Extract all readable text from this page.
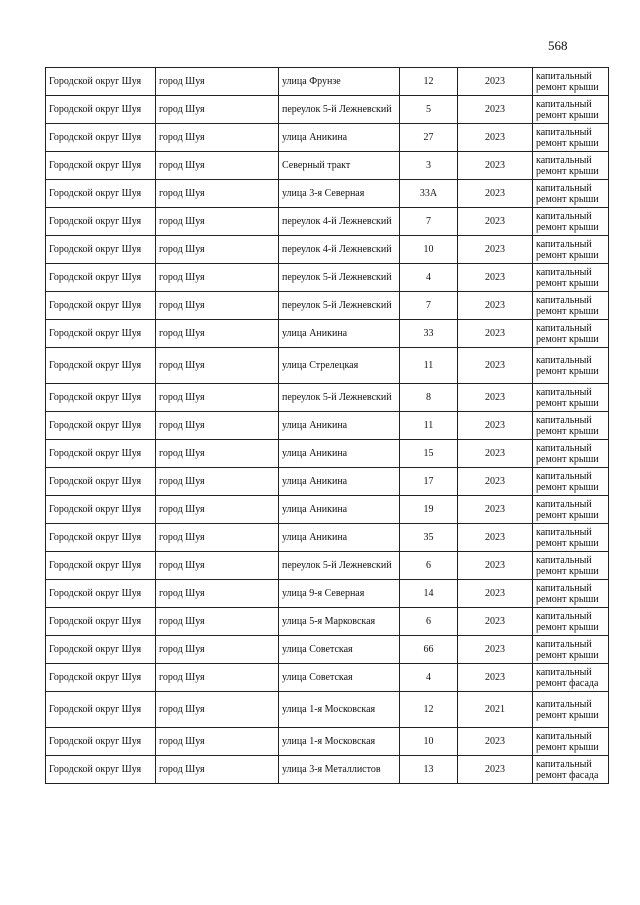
568
Городской округ Шуя	город Шуя	улица Фрунзе	12	2023	капитальный ремонт крыши
Городской округ Шуя	город Шуя	переулок 5-й Лежневский	5	2023	капитальный ремонт крыши
Городской округ Шуя	город Шуя	улица Аникина	27	2023	капитальный ремонт крыши
Городской округ Шуя	город Шуя	Северный тракт	3	2023	капитальный ремонт крыши
Городской округ Шуя	город Шуя	улица 3-я Северная	33А	2023	капитальный ремонт крыши
Городской округ Шуя	город Шуя	переулок 4-й Лежневский	7	2023	капитальный ремонт крыши
Городской округ Шуя	город Шуя	переулок 4-й Лежневский	10	2023	капитальный ремонт крыши
Городской округ Шуя	город Шуя	переулок 5-й Лежневский	4	2023	капитальный ремонт крыши
Городской округ Шуя	город Шуя	переулок 5-й Лежневский	7	2023	капитальный ремонт крыши
Городской округ Шуя	город Шуя	улица Аникина	33	2023	капитальный ремонт крыши
Городской округ Шуя	город Шуя	улица Стрелецкая	11	2023	капитальный ремонт крыши
Городской округ Шуя	город Шуя	переулок 5-й Лежневский	8	2023	капитальный ремонт крыши
Городской округ Шуя	город Шуя	улица Аникина	11	2023	капитальный ремонт крыши
Городской округ Шуя	город Шуя	улица Аникина	15	2023	капитальный ремонт крыши
Городской округ Шуя	город Шуя	улица Аникина	17	2023	капитальный ремонт крыши
Городской округ Шуя	город Шуя	улица Аникина	19	2023	капитальный ремонт крыши
Городской округ Шуя	город Шуя	улица Аникина	35	2023	капитальный ремонт крыши
Городской округ Шуя	город Шуя	переулок 5-й Лежневский	6	2023	капитальный ремонт крыши
Городской округ Шуя	город Шуя	улица 9-я Северная	14	2023	капитальный ремонт крыши
Городской округ Шуя	город Шуя	улица 5-я Марковская	6	2023	капитальный ремонт крыши
Городской округ Шуя	город Шуя	улица Советская	66	2023	капитальный ремонт крыши
Городской округ Шуя	город Шуя	улица Советская	4	2023	капитальный ремонт фасада
Городской округ Шуя	город Шуя	улица 1-я Московская	12	2021	капитальный ремонт крыши
Городской округ Шуя	город Шуя	улица 1-я Московская	10	2023	капитальный ремонт крыши
Городской округ Шуя	город Шуя	улица 3-я Металлистов	13	2023	капитальный ремонт фасада
